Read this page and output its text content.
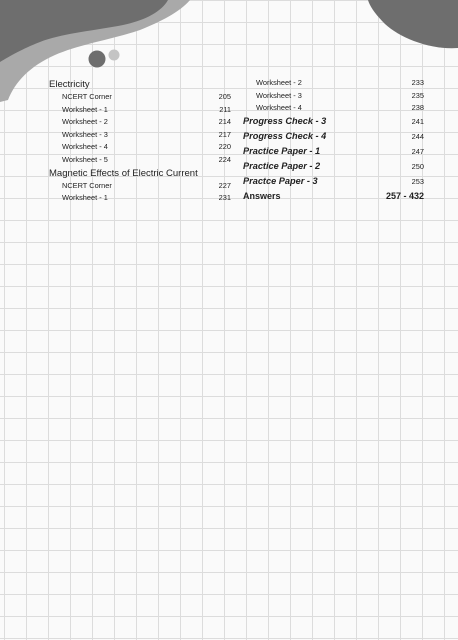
Electricity
NCERT Corner	205
Worksheet - 1	211
Worksheet - 2	214
Worksheet - 3	217
Worksheet - 4	220
Worksheet - 5	224
Magnetic Effects of Electric Current
NCERT Corner	227
Worksheet - 1	231
Worksheet - 2	233
Worksheet - 3	235
Worksheet - 4	238
Progress Check - 3	241
Progress Check - 4	244
Practice Paper - 1	247
Practice Paper - 2	250
Practce Paper - 3	253
Answers	257 - 432
